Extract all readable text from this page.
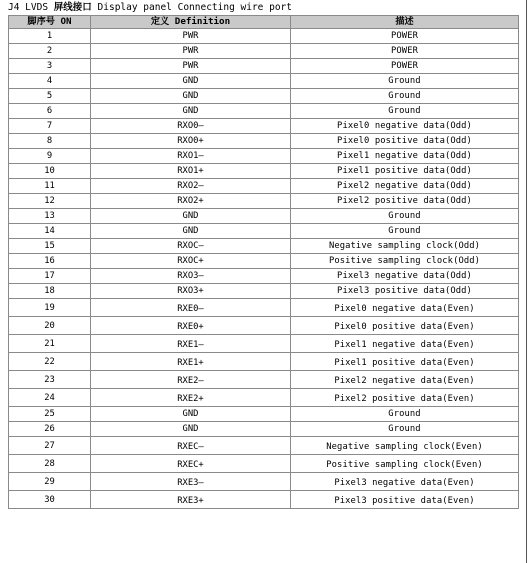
J4 LVDS 屏线接口 Display panel Connecting wire port
脚序号 ON	定义 Definition	描述
1	PWR	POWER
2	PWR	POWER
3	PWR	POWER
4	GND	Ground
5	GND	Ground
6	GND	Ground
7	RXO0—	Pixel0 negative data(Odd)
8	RXO0+	Pixel0 positive data(Odd)
9	RXO1—	Pixel1 negative data(Odd)
10	RXO1+	Pixel1 positive data(Odd)
11	RXO2—	Pixel2 negative data(Odd)
12	RXO2+	Pixel2 positive data(Odd)
13	GND	Ground
14	GND	Ground
15	RXOC—	Negative sampling clock(Odd)
16	RXOC+	Positive sampling clock(Odd)
17	RXO3—	Pixel3 negative data(Odd)
18	RXO3+	Pixel3 positive data(Odd)
19	RXE0—	Pixel0 negative data(Even)
20	RXE0+	Pixel0 positive data(Even)
21	RXE1—	Pixel1 negative data(Even)
22	RXE1+	Pixel1 positive data(Even)
23	RXE2—	Pixel2 negative data(Even)
24	RXE2+	Pixel2 positive data(Even)
25	GND	Ground
26	GND	Ground
27	RXEC—	Negative sampling clock(Even)
28	RXEC+	Positive sampling clock(Even)
29	RXE3—	Pixel3 negative data(Even)
30	RXE3+	Pixel3 positive data(Even)
